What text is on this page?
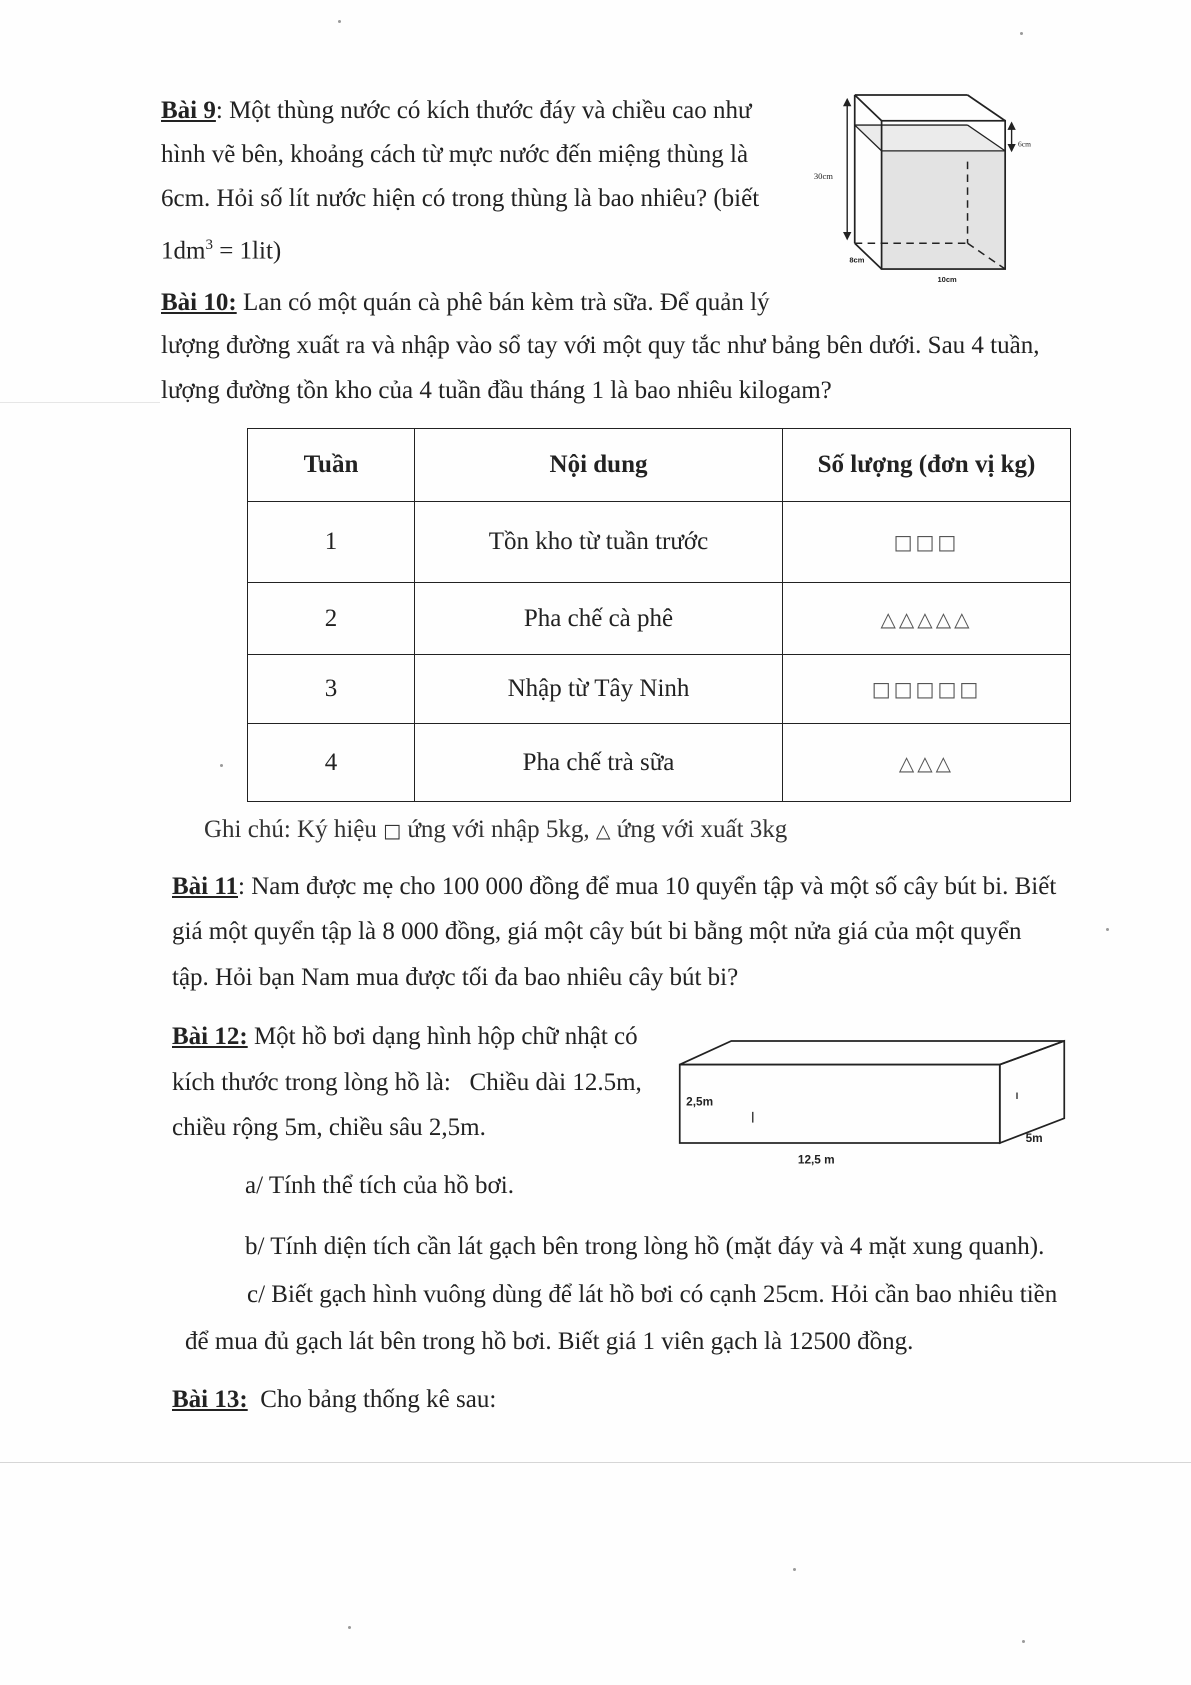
Bài 9: Một thùng nước có kích thước đáy và chiều cao như
hình vẽ bên, khoảng cách từ mực nước đến miệng thùng là
6cm. Hỏi số lít nước hiện có trong thùng là bao nhiêu? (biết
$1dm^3 = 1lit$)
30cm
6cm
8cm
10cm
Bài 10: Lan có một quán cà phê bán kèm trà sữa. Để quản lý
lượng đường xuất ra và nhập vào sổ tay với một quy tắc như bảng bên dưới. Sau 4 tuần,
lượng đường tồn kho của 4 tuần đầu tháng 1 là bao nhiêu kilogam?
Tuần	Nội dung	Số lượng (đơn vị kg)
1	Tồn kho từ tuần trước	□□□
2	Pha chế cà phê	△△△△△
3	Nhập từ Tây Ninh	□□□□□
4	Pha chế trà sữa	△△△
Ghi chú: Ký hiệu □ ứng với nhập 5kg, △ ứng với xuất 3kg
Bài 11: Nam được mẹ cho 100 000 đồng để mua 10 quyển tập và một số cây bút bi. Biết
giá một quyển tập là 8 000 đồng, giá một cây bút bi bằng một nửa giá của một quyển
tập. Hỏi bạn Nam mua được tối đa bao nhiêu cây bút bi?
Bài 12: Một hồ bơi dạng hình hộp chữ nhật có
kích thước trong lòng hồ là:   Chiều dài 12.5m,
chiều rộng 5m, chiều sâu 2,5m.
2,5m
12,5 m
5m
a/ Tính thể tích của hồ bơi.
b/ Tính diện tích cần lát gạch bên trong lòng hồ (mặt đáy và 4 mặt xung quanh).
c/ Biết gạch hình vuông dùng để lát hồ bơi có cạnh 25cm. Hỏi cần bao nhiêu tiền
để mua đủ gạch lát bên trong hồ bơi. Biết giá 1 viên gạch là 12500 đồng.
Bài 13:  Cho bảng thống kê sau:
